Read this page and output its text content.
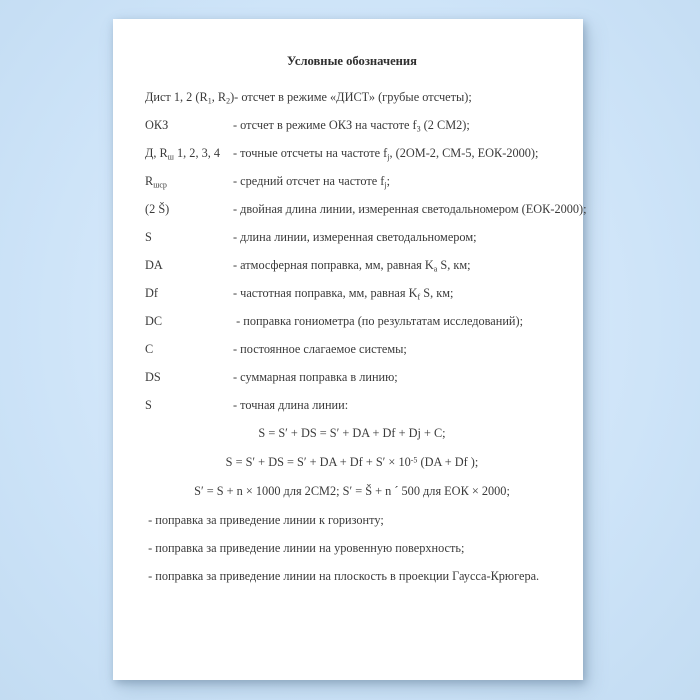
Условные обозначения
Дист 1, 2 ($R_1$, $R_2$) - отсчет в режиме «ДИСТ» (грубые отсчеты);
ОКЗ	- отсчет в режиме ОКЗ на частоте $f_3$ (2 СМ2);
Д, $R_ш$ 1, 2, 3, 4	- точные отсчеты на частоте $f_j$, (2ОМ-2, СМ-5, ЕОК-2000);
$R_{шср}$	- средний отсчет на частоте $f_j$;
(2 Š)	- двойная длина линии, измеренная светодальномером (ЕОК-2000);
S	- длина линии, измеренная светодальномером;
DA	- атмосферная поправка, мм, равная $K_а$ S, км;
Df	- частотная поправка, мм, равная $K_f$ S, км;
DC	- поправка гониометра (по результатам исследований);
C	- постоянное слагаемое системы;
DS	- суммарная поправка в линию;
S	- точная длина линии:
S = S′ + DS = S′ + DA + Df + Dj + C;
S = S′ + DS = S′ + DA + $Df + S' \times 10^{-5}$ (DA + Df );
S′ = S + n × 1000 для 2СМ2; S′ = Š + n ´ 500 для ЕОК × 2000;
- поправка за приведение линии к горизонту;
- поправка за приведение линии на уровенную поверхность;
- поправка за приведение линии на плоскость в проекции Гаусса-Крюгера.
